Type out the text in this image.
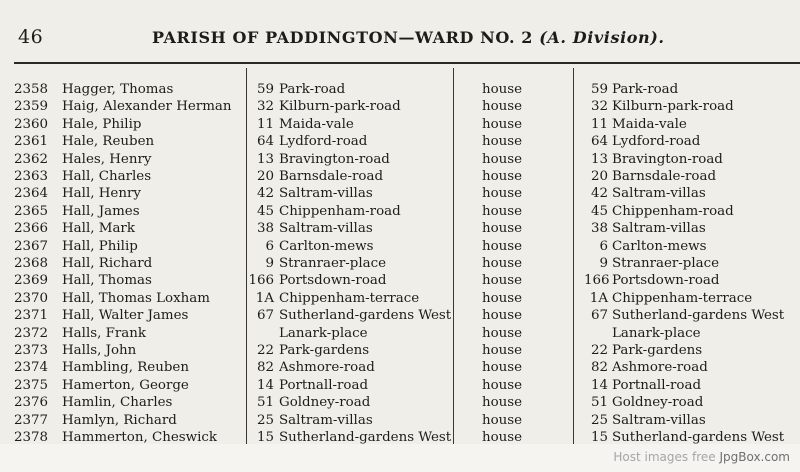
46	PARISH OF PADDINGTON—WARD NO. 2 (A. Division).
2358	Hagger, Thomas	59 Park-road	house	59 Park-road
2359	Haig, Alexander Herman	32 Kilburn-park-road	house	32 Kilburn-park-road
2360	Hale, Philip	11 Maida-vale	house	11 Maida-vale
2361	Hale, Reuben	64 Lydford-road	house	64 Lydford-road
2362	Hales, Henry	13 Bravington-road	house	13 Bravington-road
2363	Hall, Charles	20 Barnsdale-road	house	20 Barnsdale-road
2364	Hall, Henry	42 Saltram-villas	house	42 Saltram-villas
2365	Hall, James	45 Chippenham-road	house	45 Chippenham-road
2366	Hall, Mark	38 Saltram-villas	house	38 Saltram-villas
2367	Hall, Philip	6 Carlton-mews	house	6 Carlton-mews
2368	Hall, Richard	9 Stranraer-place	house	9 Stranraer-place
2369	Hall, Thomas	166 Portsdown-road	house	166 Portsdown-road
2370	Hall, Thomas Loxham	1A Chippenham-terrace	house	1A Chippenham-terrace
2371	Hall, Walter James	67 Sutherland-gardens West house	67 Sutherland-gardens West
2372	Halls, Frank	Lanark-place	house	Lanark-place
2373	Halls, John	22 Park-gardens	house	22 Park-gardens
2374	Hambling, Reuben	82 Ashmore-road	house	82 Ashmore-road
2375	Hamerton, George	14 Portnall-road	house	14 Portnall-road
2376	Hamlin, Charles	51 Goldney-road	house	51 Goldney-road
2377	Hamlyn, Richard	25 Saltram-villas	house	25 Saltram-villas
2378	Hammerton, Cheswick	15 Sutherland-gardens West house	15 Sutherland-gardens West
Host images free JpgBox.com
